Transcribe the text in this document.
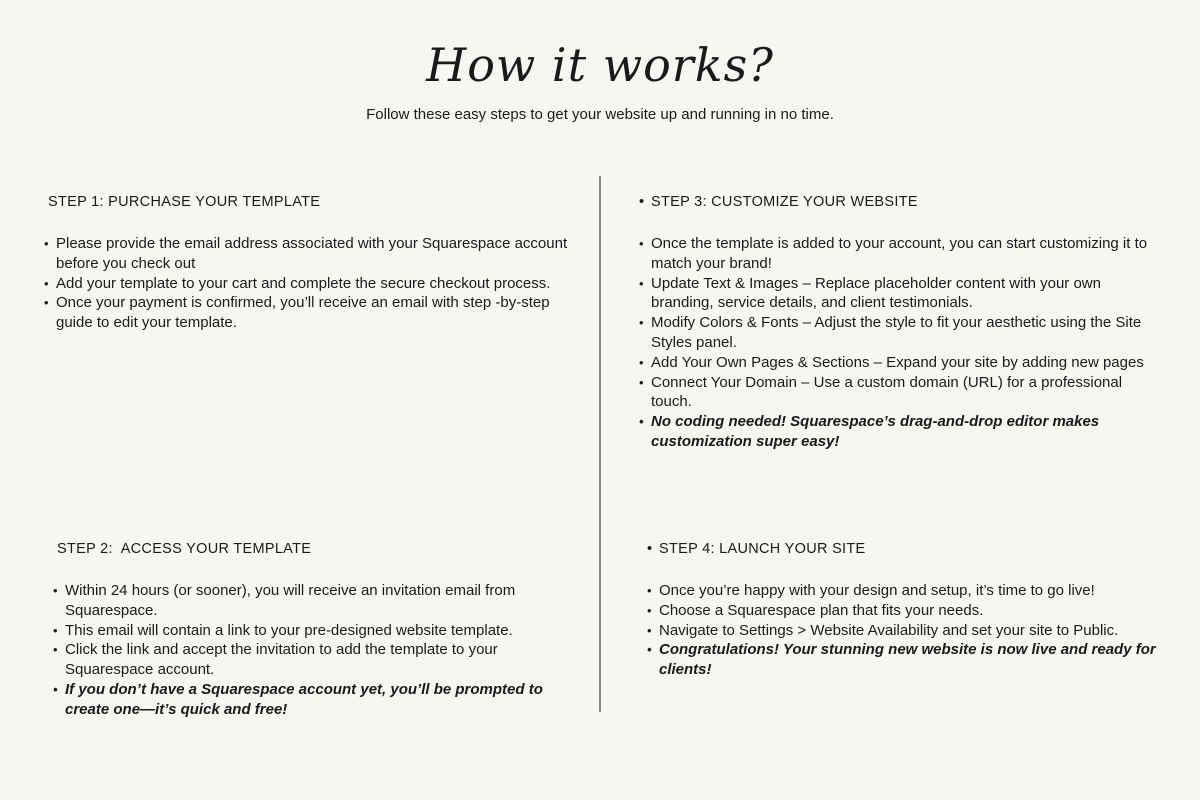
How it works?

Follow these easy steps to get your website up and running in no time.

STEP 1: PURCHASE YOUR TEMPLATE
• Please provide the email address associated with your Squarespace account before you check out
• Add your template to your cart and complete the secure checkout process.
• Once your payment is confirmed, you’ll receive an email with step -by-step guide to edit your template.
STEP 2:  ACCESS YOUR TEMPLATE
• Within 24 hours (or sooner), you will receive an invitation email from Squarespace.
• This email will contain a link to your pre-designed website template.
• Click the link and accept the invitation to add the template to your Squarespace account.
• If you don’t have a Squarespace account yet, you’ll be prompted to create one—it’s quick and free!
• STEP 3: CUSTOMIZE YOUR WEBSITE
• Once the template is added to your account, you can start customizing it to match your brand!
• Update Text & Images – Replace placeholder content with your own branding, service details, and client testimonials.
• Modify Colors & Fonts – Adjust the style to fit your aesthetic using the Site Styles panel.
• Add Your Own Pages & Sections – Expand your site by adding new pages
• Connect Your Domain – Use a custom domain (URL) for a professional touch.
• No coding needed! Squarespace’s drag-and-drop editor makes customization super easy!
• STEP 4: LAUNCH YOUR SITE
• Once you’re happy with your design and setup, it’s time to go live!
• Choose a Squarespace plan that fits your needs.
• Navigate to Settings > Website Availability and set your site to Public.
• Congratulations! Your stunning new website is now live and ready for clients!
